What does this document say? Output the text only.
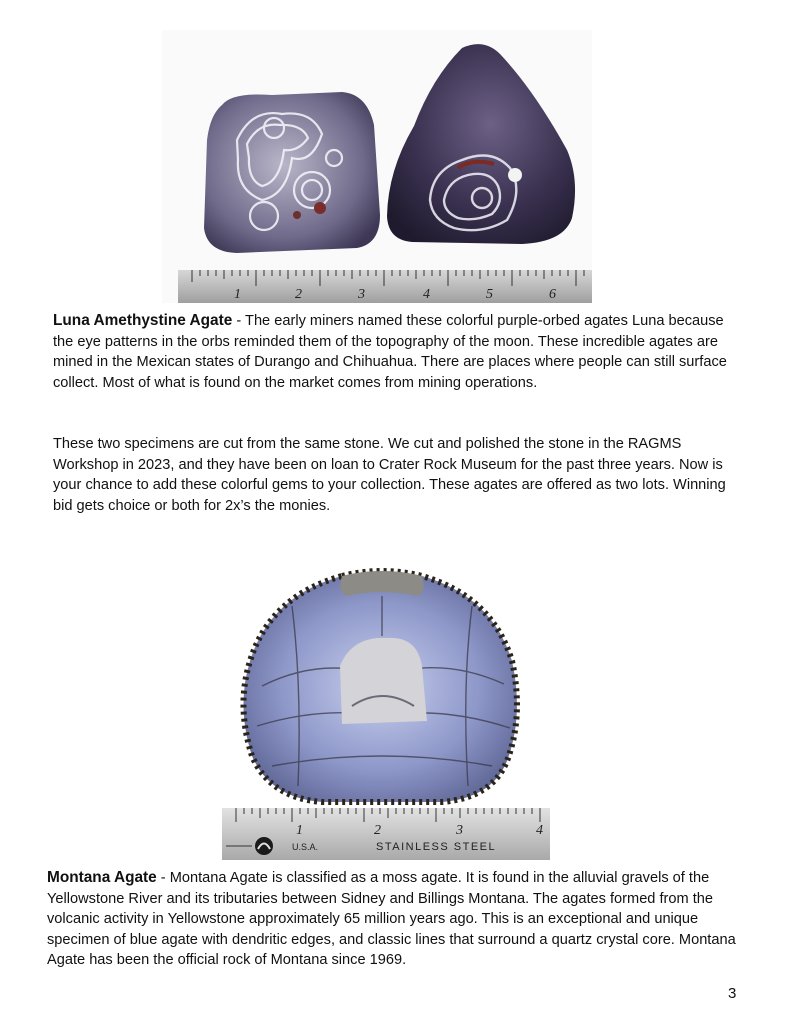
1	2	3	4	5	6

Luna Amethystine Agate - The early miners named these colorful purple-orbed agates Luna because the eye patterns in the orbs reminded them of the topography of the moon. These incredible agates are mined in the Mexican states of Durango and Chihuahua. There are places where people can still surface collect. Most of what is found on the market comes from mining operations.

These two specimens are cut from the same stone. We cut and polished the stone in the RAGMS Workshop in 2023, and they have been on loan to Crater Rock Museum for the past three years. Now is your chance to add these colorful gems to your collection. These agates are offered as two lots. Winning bid gets choice or both for 2x’s the monies.

1	2	3	4
U.S.A.	STAINLESS STEEL

Montana Agate - Montana Agate is classified as a moss agate. It is found in the alluvial gravels of the Yellowstone River and its tributaries between Sidney and Billings Montana. The agates formed from the volcanic activity in Yellowstone approximately 65 million years ago. This is an exceptional and unique specimen of blue agate with dendritic edges, and classic lines that surround a quartz crystal core. Montana Agate has been the official rock of Montana since 1969.

3
